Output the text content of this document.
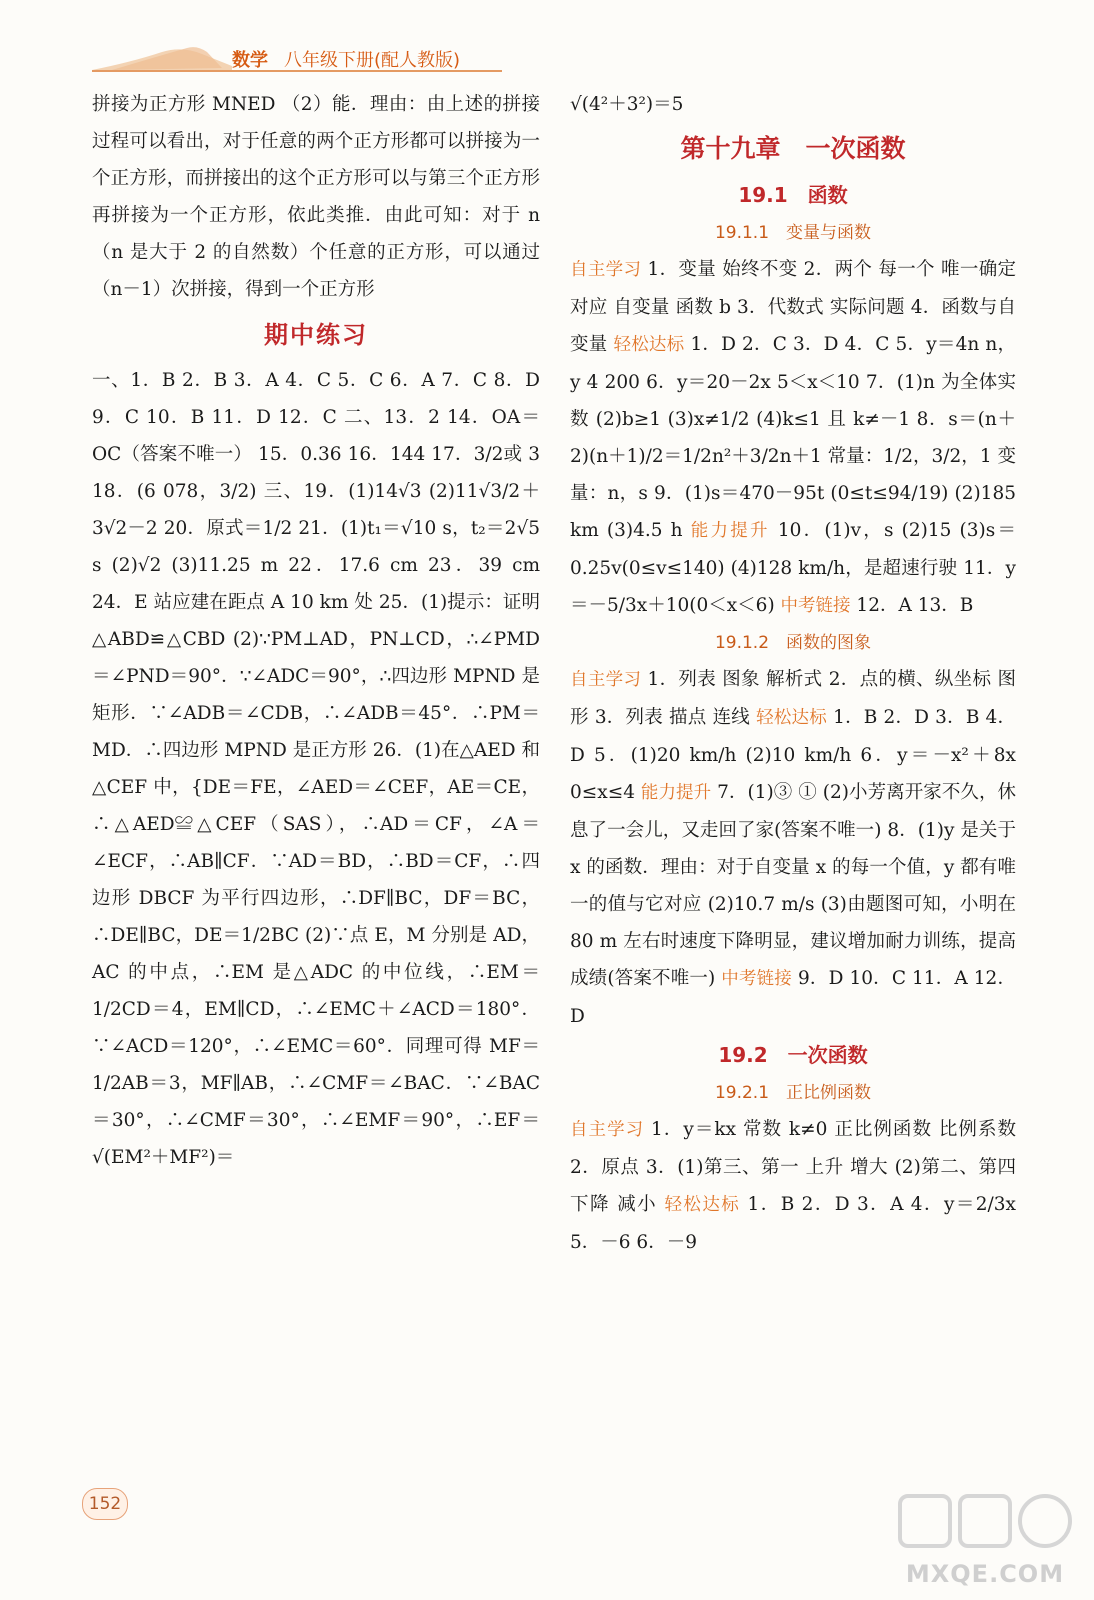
数学 八年级下册(配人教版)

拼接为正方形 MNED （2）能．理由：由上述的拼接过程可以看出，对于任意的两个正方形都可以拼接为一个正方形，而拼接出的这个正方形可以与第三个正方形再拼接为一个正方形，依此类推．由此可知：对于 n（n 是大于 2 的自然数）个任意的正方形，可以通过（n－1）次拼接，得到一个正方形

期中练习

一、1．B 2．B 3．A 4．C 5．C 6．A 7．C 8．D 9．C 10．B 11．D 12．C 二、13．2 14．OA＝OC（答案不唯一） 15．0.36 16．144 17．3/2或 3 18．(6 078，3/2) 三、19．(1)14√3 (2)11√3/2＋3√2－2 20．原式＝1/2 21．(1)t₁＝√10 s，t₂＝2√5 s (2)√2 (3)11.25 m 22．17.6 cm 23．39 cm 24．E 站应建在距点 A 10 km 处 25．(1)提示：证明△ABD≌△CBD (2)∵PM⊥AD，PN⊥CD，∴∠PMD＝∠PND＝90°．∵∠ADC＝90°，∴四边形 MPND 是矩形．∵∠ADB＝∠CDB，∴∠ADB＝45°．∴PM＝MD．∴四边形 MPND 是正方形 26．(1)在△AED 和△CEF 中，{DE＝FE，∠AED＝∠CEF，AE＝CE，∴△AED≌△CEF（SAS），∴AD＝CF，∠A＝∠ECF，∴AB∥CF．∵AD＝BD，∴BD＝CF，∴四边形 DBCF 为平行四边形，∴DF∥BC，DF＝BC，∴DE∥BC，DE＝1/2BC (2)∵点 E，M 分别是 AD，AC 的中点，∴EM 是△ADC 的中位线，∴EM＝1/2CD＝4，EM∥CD，∴∠EMC＋∠ACD＝180°．∵∠ACD＝120°，∴∠EMC＝60°．同理可得 MF＝1/2AB＝3，MF∥AB，∴∠CMF＝∠BAC．∵∠BAC＝30°，∴∠CMF＝30°，∴∠EMF＝90°，∴EF＝√(EM²＋MF²)＝

√(4²＋3²)＝5

第十九章　一次函数
19.1　函数
19.1.1　变量与函数

自主学习 1．变量 始终不变 2．两个 每一个 唯一确定 对应 自变量 函数 b 3．代数式 实际问题 4．函数与自变量 轻松达标 1．D 2．C 3．D 4．C 5．y＝4n n，y 4 200 6．y＝20－2x 5＜x＜10 7．(1)n 为全体实数 (2)b≥1 (3)x≠1/2 (4)k≤1 且 k≠－1 8．s＝(n＋2)(n＋1)/2＝1/2n²＋3/2n＋1 常量：1/2，3/2，1 变量：n，s 9．(1)s＝470－95t (0≤t≤94/19) (2)185 km (3)4.5 h 能力提升 10．(1)v，s (2)15 (3)s＝0.25v(0≤v≤140) (4)128 km/h，是超速行驶 11．y＝－5/3x＋10(0＜x＜6) 中考链接 12．A 13．B

19.1.2　函数的图象

自主学习 1．列表 图象 解析式 2．点的横、纵坐标 图形 3．列表 描点 连线 轻松达标 1．B 2．D 3．B 4．D 5．(1)20 km/h (2)10 km/h 6．y＝－x²＋8x 0≤x≤4 能力提升 7．(1)③ ① (2)小芳离开家不久，休息了一会儿，又走回了家(答案不唯一) 8．(1)y 是关于 x 的函数．理由：对于自变量 x 的每一个值，y 都有唯一的值与它对应 (2)10.7 m/s (3)由题图可知，小明在 80 m 左右时速度下降明显，建议增加耐力训练，提高成绩(答案不唯一) 中考链接 9．D 10．C 11．A 12．D

19.2　一次函数
19.2.1　正比例函数

自主学习 1．y＝kx 常数 k≠0 正比例函数 比例系数 2．原点 3．(1)第三、第一 上升 增大 (2)第二、第四 下降 减小 轻松达标 1．B 2．D 3．A 4．y＝2/3x 5．－6 6．－9

152
MXQE.COM
